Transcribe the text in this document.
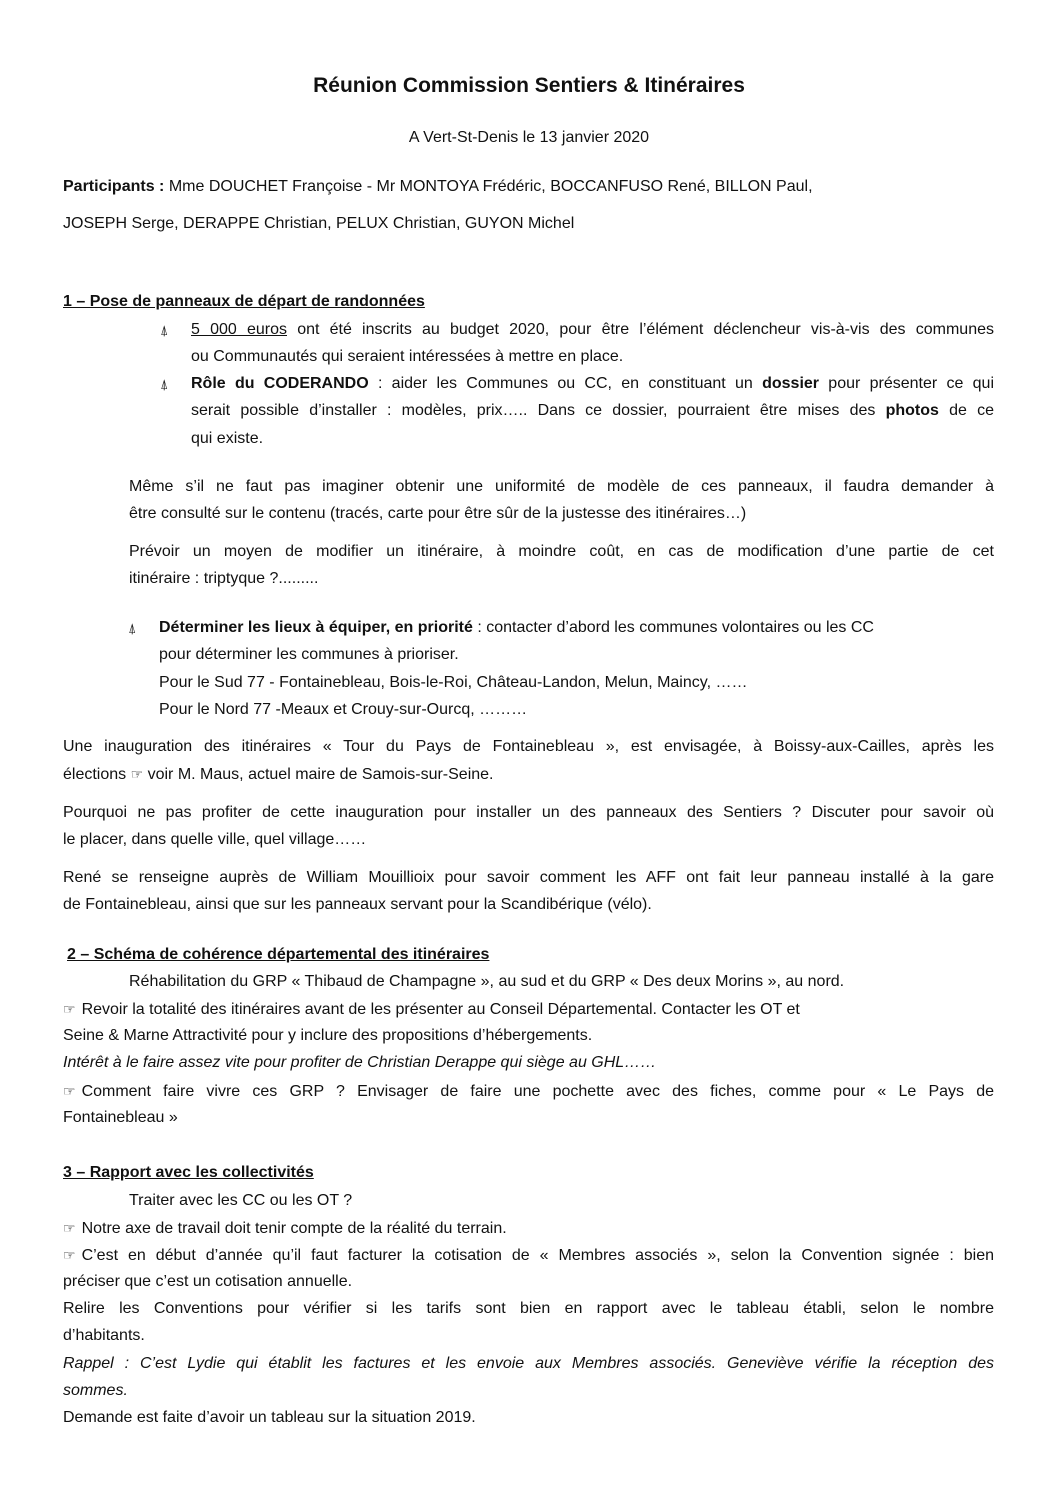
Réunion Commission Sentiers & Itinéraires
A Vert-St-Denis le 13 janvier 2020
Participants : Mme DOUCHET Françoise - Mr MONTOYA Frédéric, BOCCANFUSO René, BILLON Paul,
JOSEPH Serge, DERAPPE Christian, PELUX Christian, GUYON Michel
1 – Pose de panneaux de départ de randonnées
⍋ 5 000 euros ont été inscrits au budget 2020, pour être l’élément déclencheur vis-à-vis des communes
ou Communautés qui seraient intéressées à mettre en place.
⍋ Rôle du CODERANDO : aider les Communes ou CC, en constituant un dossier pour présenter ce qui
serait possible d’installer : modèles, prix….. Dans ce dossier, pourraient être mises des photos de ce
qui existe.
Même s’il ne faut pas imaginer obtenir une uniformité de modèle de ces panneaux, il faudra demander à
être consulté sur le contenu (tracés, carte pour être sûr de la justesse des itinéraires…)
Prévoir un moyen de modifier un itinéraire, à moindre coût, en cas de modification d’une partie de cet
itinéraire : triptyque ?.........
⍋ Déterminer les lieux à équiper, en priorité : contacter d’abord les communes volontaires ou les CC
pour déterminer les communes à prioriser.
Pour le Sud 77 - Fontainebleau, Bois-le-Roi, Château-Landon, Melun, Maincy, ……
Pour le Nord 77 -Meaux et Crouy-sur-Ourcq, ………
Une inauguration des itinéraires « Tour du Pays de Fontainebleau », est envisagée, à Boissy-aux-Cailles, après les
élections ☞ voir M. Maus, actuel maire de Samois-sur-Seine.
Pourquoi ne pas profiter de cette inauguration pour installer un des panneaux des Sentiers ? Discuter pour savoir où
le placer, dans quelle ville, quel village……
René se renseigne auprès de William Mouillioix pour savoir comment les AFF ont fait leur panneau installé à la gare
de Fontainebleau, ainsi que sur les panneaux servant pour la Scandibérique (vélo).
2 – Schéma de cohérence départemental des itinéraires
Réhabilitation du GRP « Thibaud de Champagne », au sud et du GRP « Des deux Morins », au nord.
☞ Revoir la totalité des itinéraires avant de les présenter au Conseil Départemental. Contacter les OT et
Seine & Marne Attractivité pour y inclure des propositions d’hébergements.
Intérêt à le faire assez vite pour profiter de Christian Derappe qui siège au GHL……
☞ Comment faire vivre ces GRP ? Envisager de faire une pochette avec des fiches, comme pour « Le Pays de
Fontainebleau »
3 – Rapport avec les collectivités
Traiter avec les CC ou les OT ?
☞ Notre axe de travail doit tenir compte de la réalité du terrain.
☞ C’est en début d’année qu’il faut facturer la cotisation de « Membres associés », selon la Convention signée : bien
préciser que c’est un cotisation annuelle.
Relire les Conventions pour vérifier si les tarifs sont bien en rapport avec le tableau établi, selon le nombre
d’habitants.
Rappel : C’est Lydie qui établit les factures et les envoie aux Membres associés. Geneviève vérifie la réception des
sommes.
Demande est faite d’avoir un tableau sur la situation 2019.
